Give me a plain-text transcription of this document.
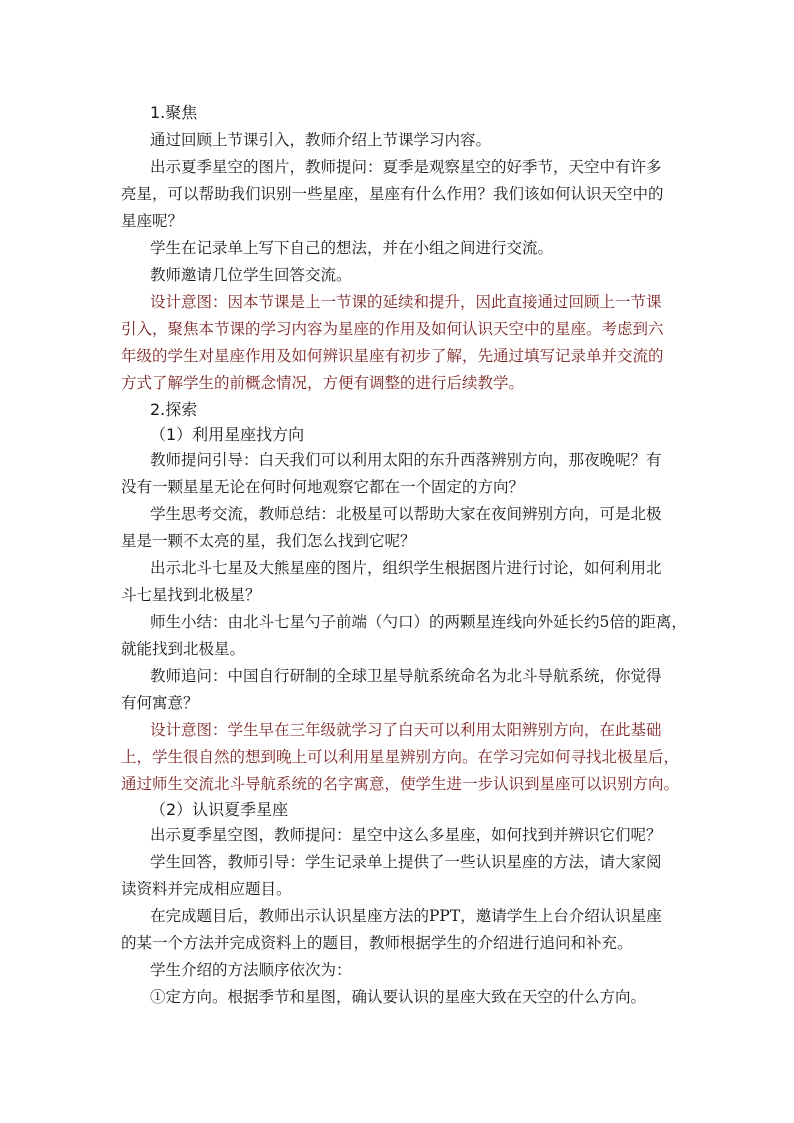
1.聚焦
通过回顾上节课引入，教师介绍上节课学习内容。
出示夏季星空的图片，教师提问：夏季是观察星空的好季节，天空中有许多
亮星，可以帮助我们识别一些星座，星座有什么作用？我们该如何认识天空中的
星座呢？
学生在记录单上写下自己的想法，并在小组之间进行交流。
教师邀请几位学生回答交流。
设计意图：因本节课是上一节课的延续和提升，因此直接通过回顾上一节课
引入，聚焦本节课的学习内容为星座的作用及如何认识天空中的星座。考虑到六
年级的学生对星座作用及如何辨识星座有初步了解，先通过填写记录单并交流的
方式了解学生的前概念情况，方便有调整的进行后续教学。
2.探索
（1）利用星座找方向
教师提问引导：白天我们可以利用太阳的东升西落辨别方向，那夜晚呢？有
没有一颗星星无论在何时何地观察它都在一个固定的方向？
学生思考交流，教师总结：北极星可以帮助大家在夜间辨别方向，可是北极
星是一颗不太亮的星，我们怎么找到它呢？
出示北斗七星及大熊星座的图片，组织学生根据图片进行讨论，如何利用北
斗七星找到北极星？
师生小结：由北斗七星勺子前端（勺口）的两颗星连线向外延长约5倍的距离，
就能找到北极星。
教师追问：中国自行研制的全球卫星导航系统命名为北斗导航系统，你觉得
有何寓意？
设计意图：学生早在三年级就学习了白天可以利用太阳辨别方向，在此基础
上，学生很自然的想到晚上可以利用星星辨别方向。在学习完如何寻找北极星后，
通过师生交流北斗导航系统的名字寓意，使学生进一步认识到星座可以识别方向。
（2）认识夏季星座
出示夏季星空图，教师提问：星空中这么多星座，如何找到并辨识它们呢？
学生回答，教师引导：学生记录单上提供了一些认识星座的方法，请大家阅
读资料并完成相应题目。
在完成题目后，教师出示认识星座方法的PPT，邀请学生上台介绍认识星座
的某一个方法并完成资料上的题目，教师根据学生的介绍进行追问和补充。
学生介绍的方法顺序依次为：
①定方向。根据季节和星图，确认要认识的星座大致在天空的什么方向。
